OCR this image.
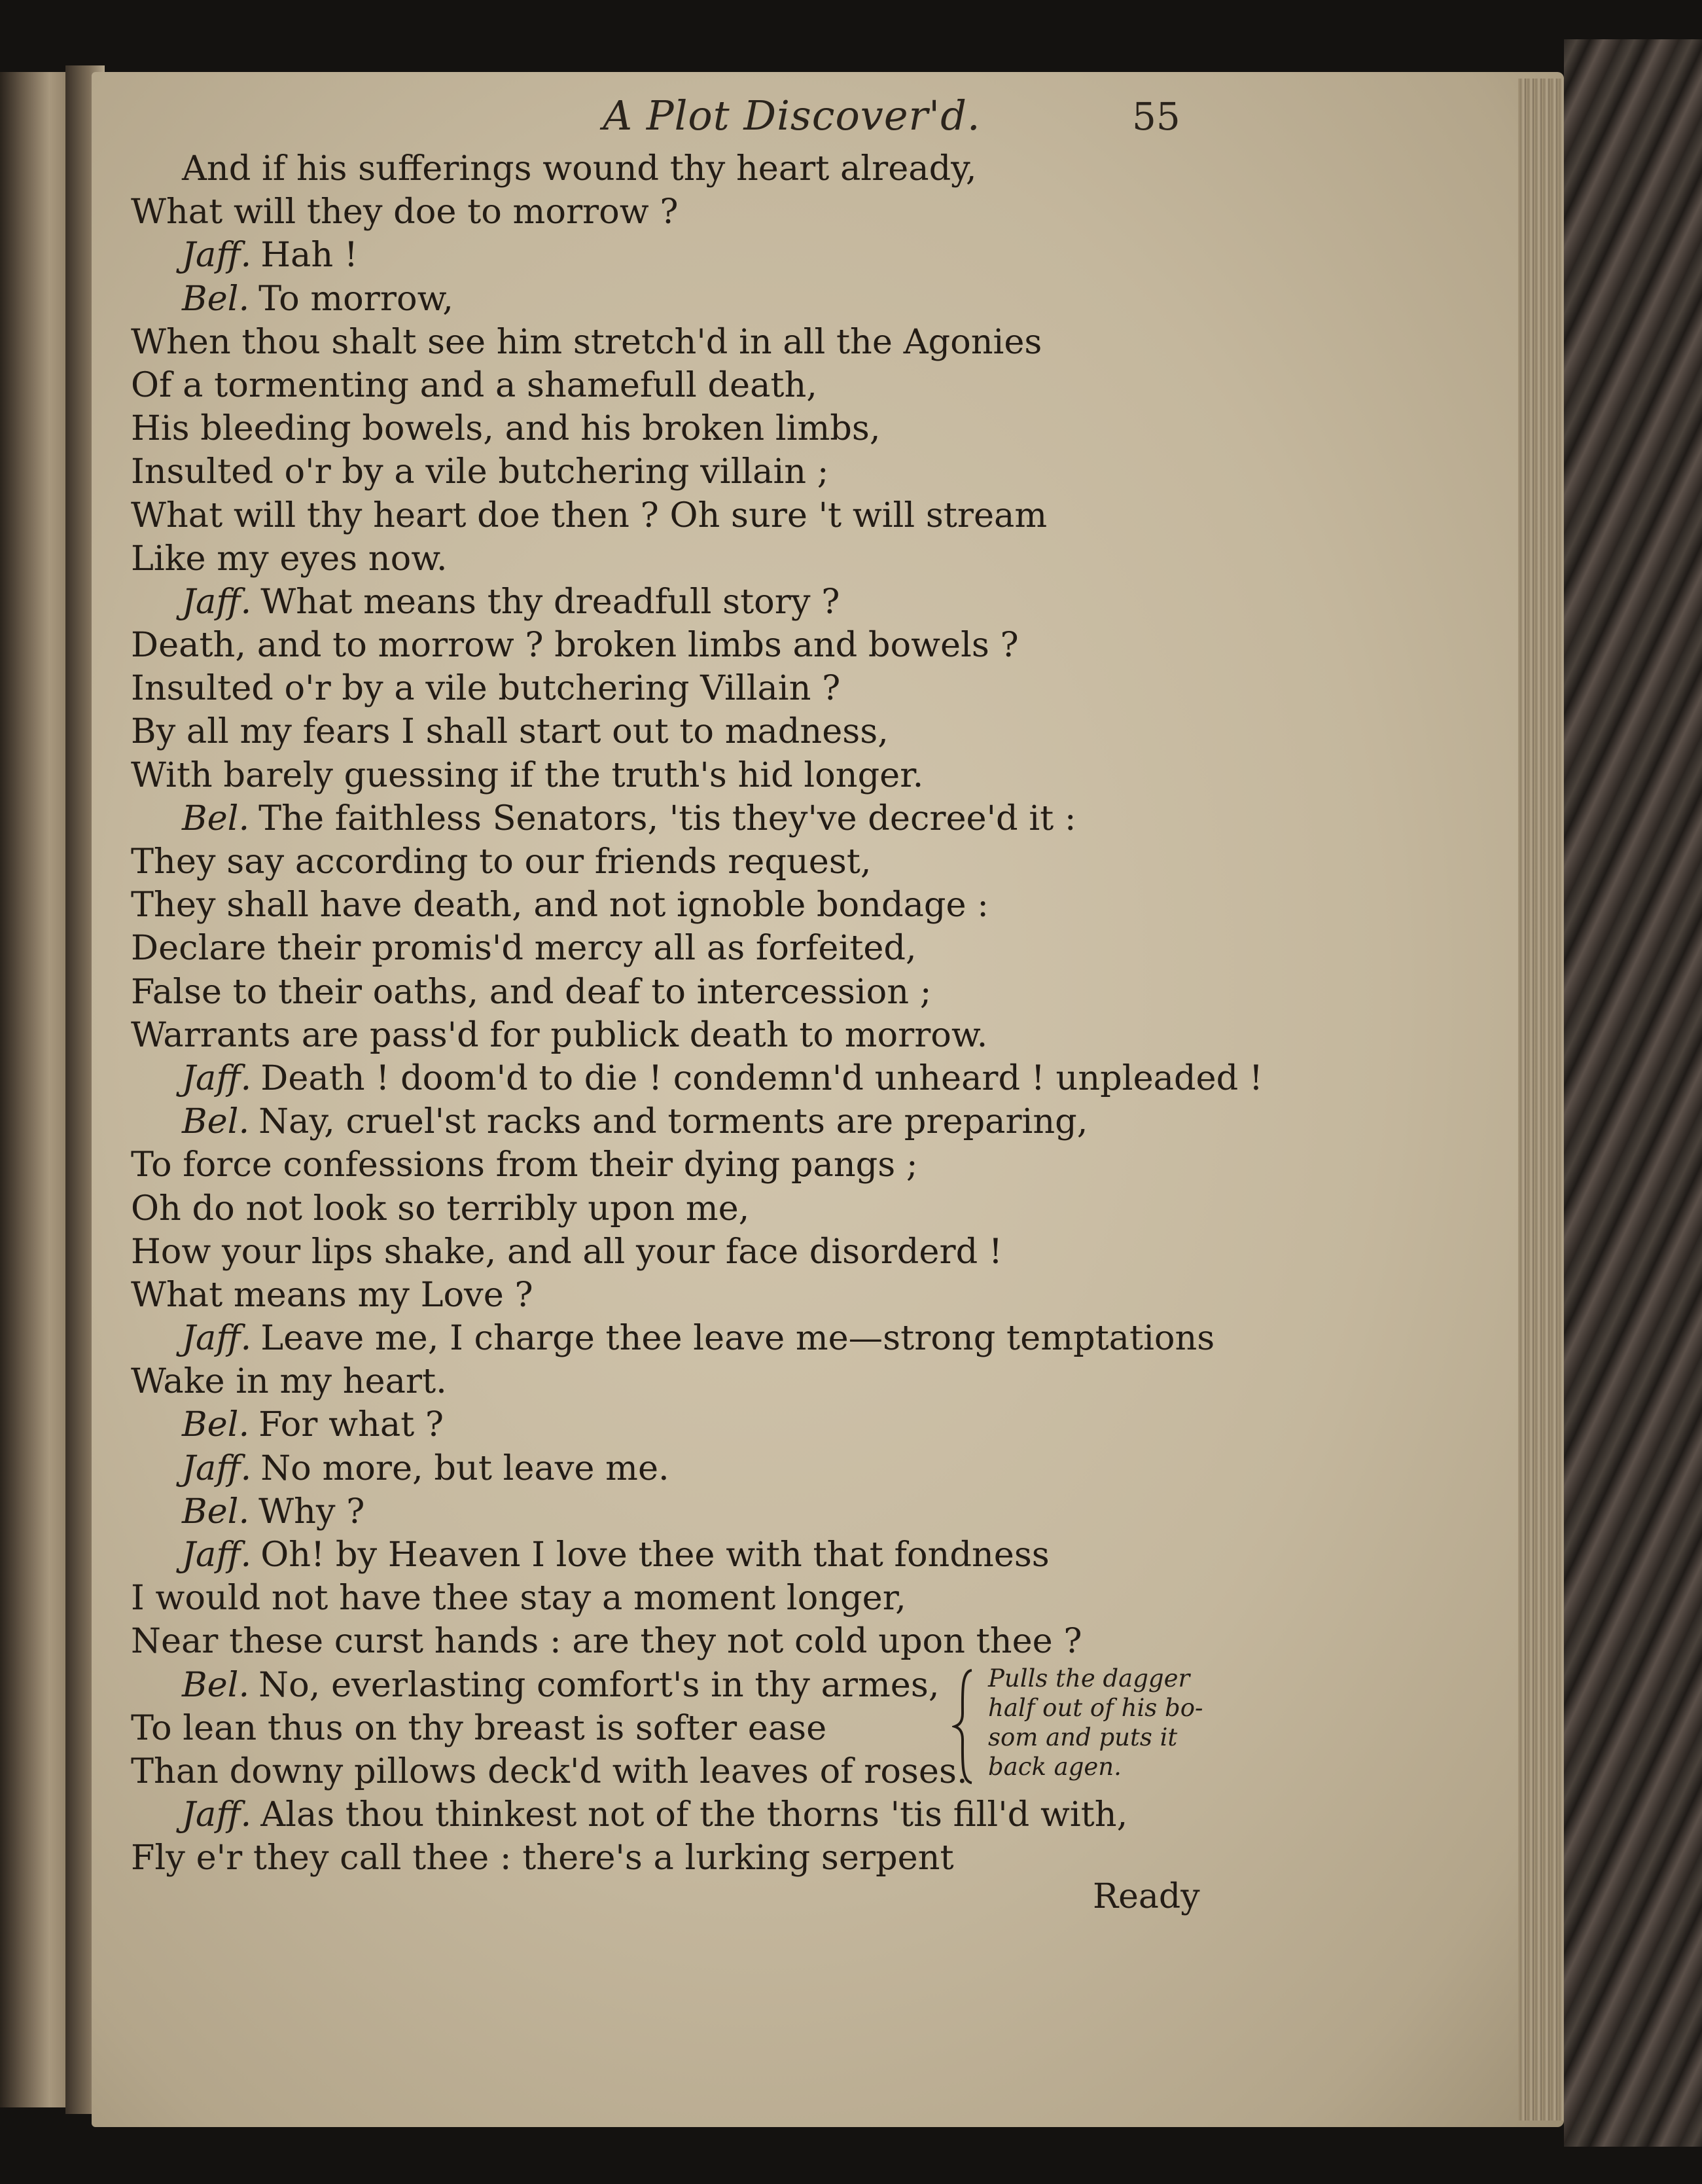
A Plot Discover'd.	55
And if his sufferings wound thy heart already,
What will they doe to morrow ?
Jaff. Hah !
Bel. To morrow,
When thou shalt see him stretch'd in all the Agonies
Of a tormenting and a shamefull death,
His bleeding bowels, and his broken limbs,
Insulted o'r by a vile butchering villain ;
What will thy heart doe then ? Oh sure 't will stream
Like my eyes now.
Jaff. What means thy dreadfull story ?
Death, and to morrow ? broken limbs and bowels ?
Insulted o'r by a vile butchering Villain ?
By all my fears I shall start out to madness,
With barely guessing if the truth's hid longer.
Bel. The faithless Senators, 'tis they've decree'd it :
They say according to our friends request,
They shall have death, and not ignoble bondage :
Declare their promis'd mercy all as forfeited,
False to their oaths, and deaf to intercession ;
Warrants are pass'd for publick death to morrow.
Jaff. Death ! doom'd to die ! condemn'd unheard ! unpleaded !
Bel. Nay, cruel'st racks and torments are preparing,
To force confessions from their dying pangs ;
Oh do not look so terribly upon me,
How your lips shake, and all your face disorderd !
What means my Love ?
Jaff. Leave me, I charge thee leave me—strong temptations
Wake in my heart.
Bel. For what ?
Jaff. No more, but leave me.
Bel. Why ?
Jaff. Oh! by Heaven I love thee with that fondness
I would not have thee stay a moment longer,
Near these curst hands : are they not cold upon thee ?
Bel. No, everlasting comfort's in thy armes,
To lean thus on thy breast is softer ease
Than downy pillows deck'd with leaves of roses.
Jaff. Alas thou thinkest not of the thorns 'tis fill'd with,
Fly e'r they call thee : there's a lurking serpent
Pulls the dagger
half out of his bo-
som and puts it
back agen.
Ready
